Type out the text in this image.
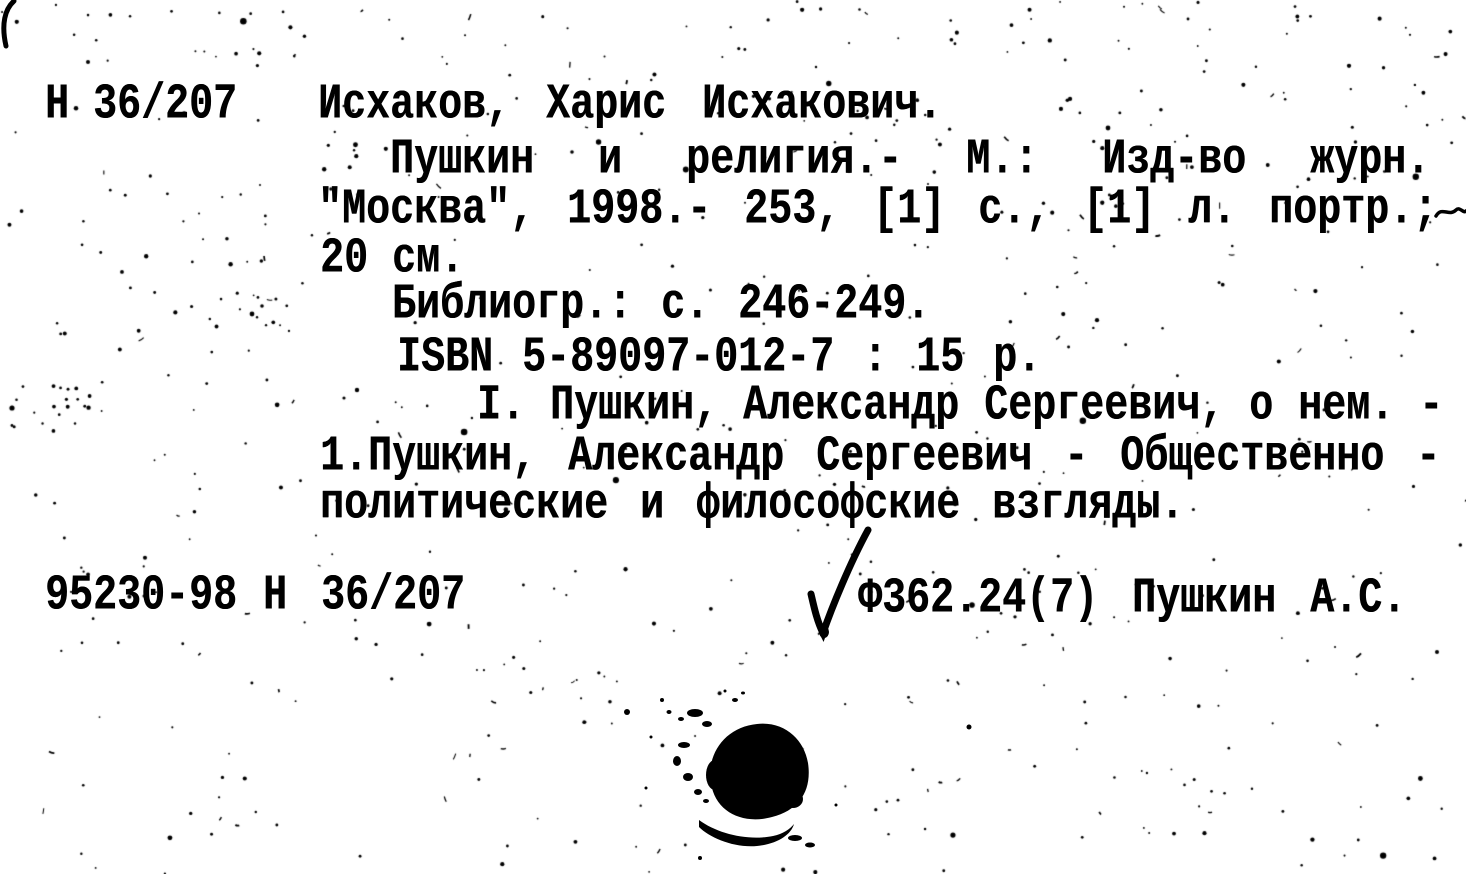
Н 36/207 Исхаков, Харис Исхакович.
Пушкин и религия.- М.: Изд-во журн.
"Москва", 1998.- 253, [1] с., [1] л. портр.;
20 см.
Библиогр.: с. 246-249.
ISBN 5-89097-012-7 : 15 р.
I. Пушкин, Александр Сергеевич, о нем. -
1.Пушкин, Александр Сергеевич - Общественно -
политические и философские взгляды.
95230-98 Н 36/207	Ф362.24(7) Пушкин А.С.
